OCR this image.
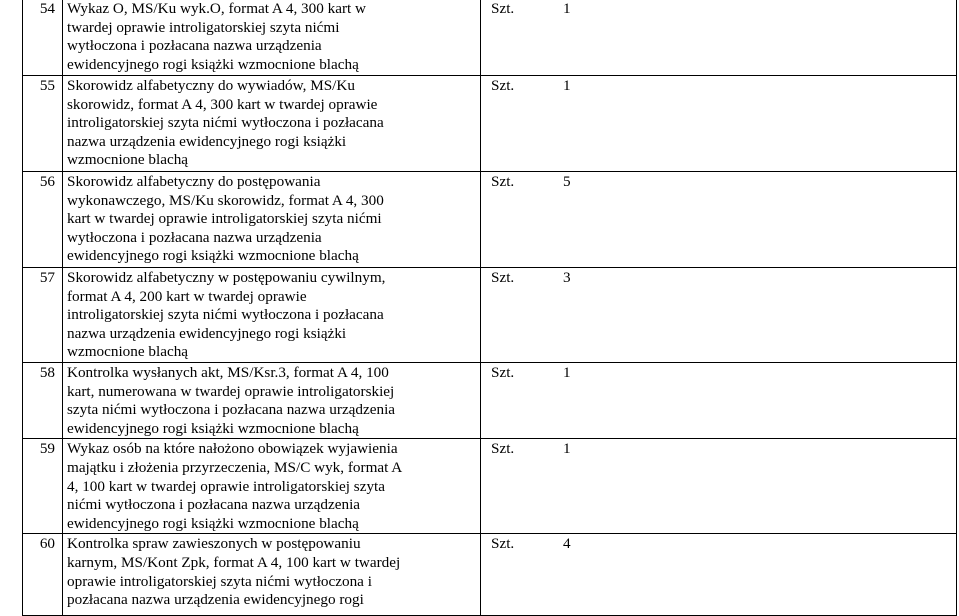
54	Wykaz O, MS/Ku wyk.O, format A 4, 300 kart w
twardej oprawie introligatorskiej szyta nićmi
wytłoczona i pozłacana nazwa urządzenia
ewidencyjnego rogi książki wzmocnione blachą	Szt. 1
55	Skorowidz alfabetyczny do wywiadów, MS/Ku
skorowidz, format A 4, 300 kart w twardej oprawie
introligatorskiej szyta nićmi wytłoczona i pozłacana
nazwa urządzenia ewidencyjnego rogi książki
wzmocnione blachą	Szt. 1
56	Skorowidz alfabetyczny do postępowania
wykonawczego, MS/Ku skorowidz, format A 4, 300
kart w twardej oprawie introligatorskiej szyta nićmi
wytłoczona i pozłacana nazwa urządzenia
ewidencyjnego rogi książki wzmocnione blachą	Szt. 5
57	Skorowidz alfabetyczny w postępowaniu cywilnym,
format A 4, 200 kart w twardej oprawie
introligatorskiej szyta nićmi wytłoczona i pozłacana
nazwa urządzenia ewidencyjnego rogi książki
wzmocnione blachą	Szt. 3
58	Kontrolka wysłanych akt, MS/Ksr.3, format A 4, 100
kart, numerowana w twardej oprawie introligatorskiej
szyta nićmi wytłoczona i pozłacana nazwa urządzenia
ewidencyjnego rogi książki wzmocnione blachą	Szt. 1
59	Wykaz osób na które nałożono obowiązek wyjawienia
majątku i złożenia przyrzeczenia, MS/C wyk, format A
4, 100 kart w twardej oprawie introligatorskiej szyta
nićmi wytłoczona i pozłacana nazwa urządzenia
ewidencyjnego rogi książki wzmocnione blachą	Szt. 1
60	Kontrolka spraw zawieszonych w postępowaniu
karnym, MS/Kont Zpk, format A 4, 100 kart w twardej
oprawie introligatorskiej szyta nićmi wytłoczona i
pozłacana nazwa urządzenia ewidencyjnego rogi	Szt. 4
